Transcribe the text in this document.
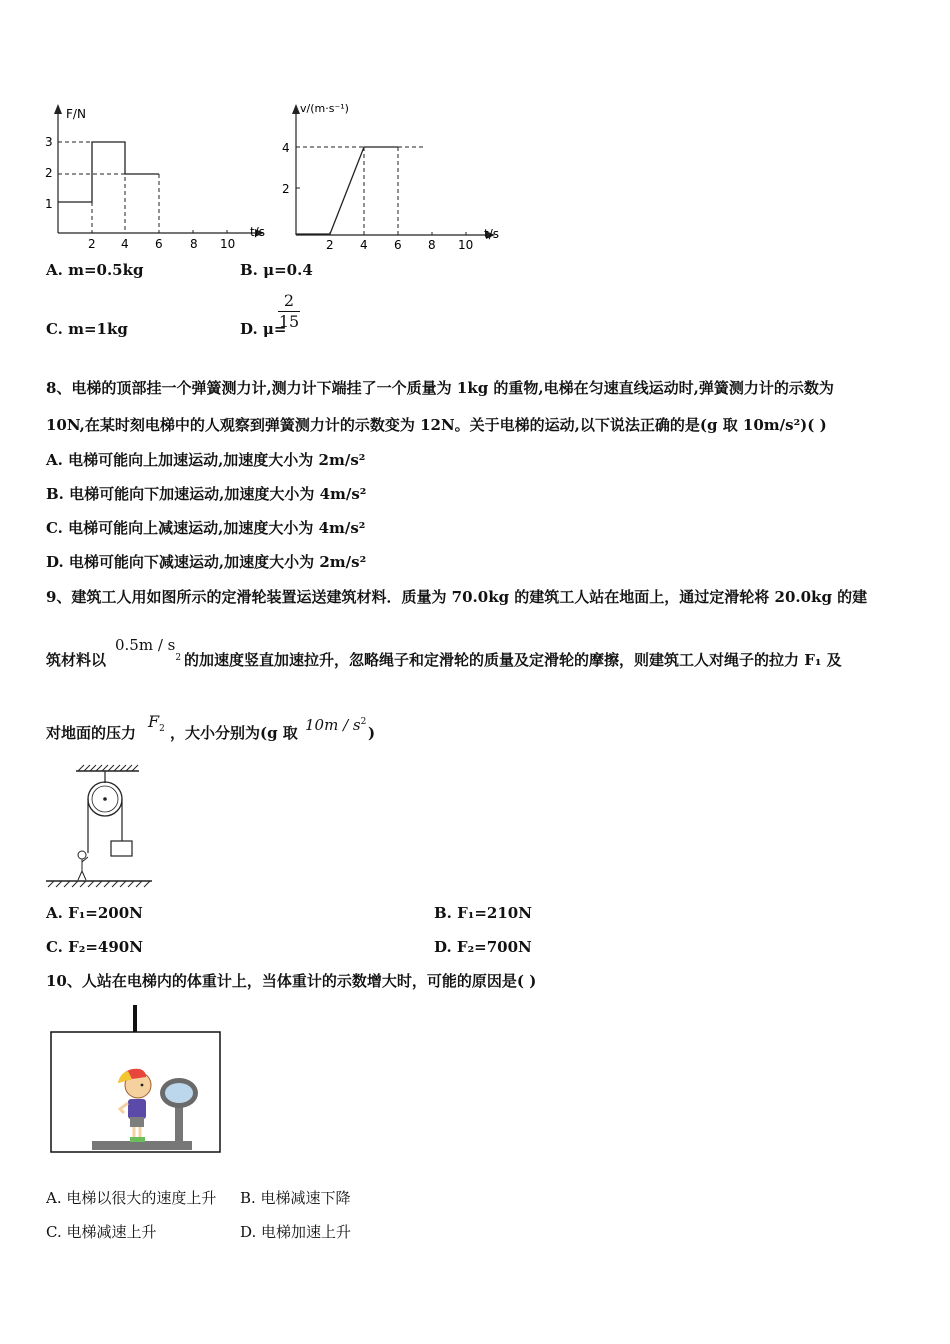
F/N
t/s
3
2
1
2 4 6 8 10
v/(m·s⁻¹)
t/s
4
2
2 4 6 8 10
A. m=0.5kg	B. μ=0.4
C. m=1kg	D. μ=
2
15
8、电梯的顶部挂一个弹簧测力计,测力计下端挂了一个质量为 1kg 的重物,电梯在匀速直线运动时,弹簧测力计的示数为
10N,在某时刻电梯中的人观察到弹簧测力计的示数变为 12N。关于电梯的运动,以下说法正确的是(g 取 10m/s²)( )
A. 电梯可能向上加速运动,加速度大小为 2m/s²
B. 电梯可能向下加速运动,加速度大小为 4m/s²
C. 电梯可能向上减速运动,加速度大小为 4m/s²
D. 电梯可能向下减速运动,加速度大小为 2m/s²
9、建筑工人用如图所示的定滑轮装置运送建筑材料．质量为 70.0kg 的建筑工人站在地面上，通过定滑轮将 20.0kg 的建
筑材料以
$0.5m / s^2$ 的加速度竖直加速拉升，忽略绳子和定滑轮的质量及定滑轮的摩擦，则建筑工人对绳子的拉力 F₁ 及
对地面的压力
$F_2$ ，大小分别为(g 取 $10m / s^2$
)
A. F₁=200N	B. F₁=210N
C. F₂=490N	D. F₂=700N
10、人站在电梯内的体重计上，当体重计的示数增大时，可能的原因是( )
A. 电梯以很大的速度上升 B. 电梯减速下降
C. 电梯减速上升	D. 电梯加速上升
